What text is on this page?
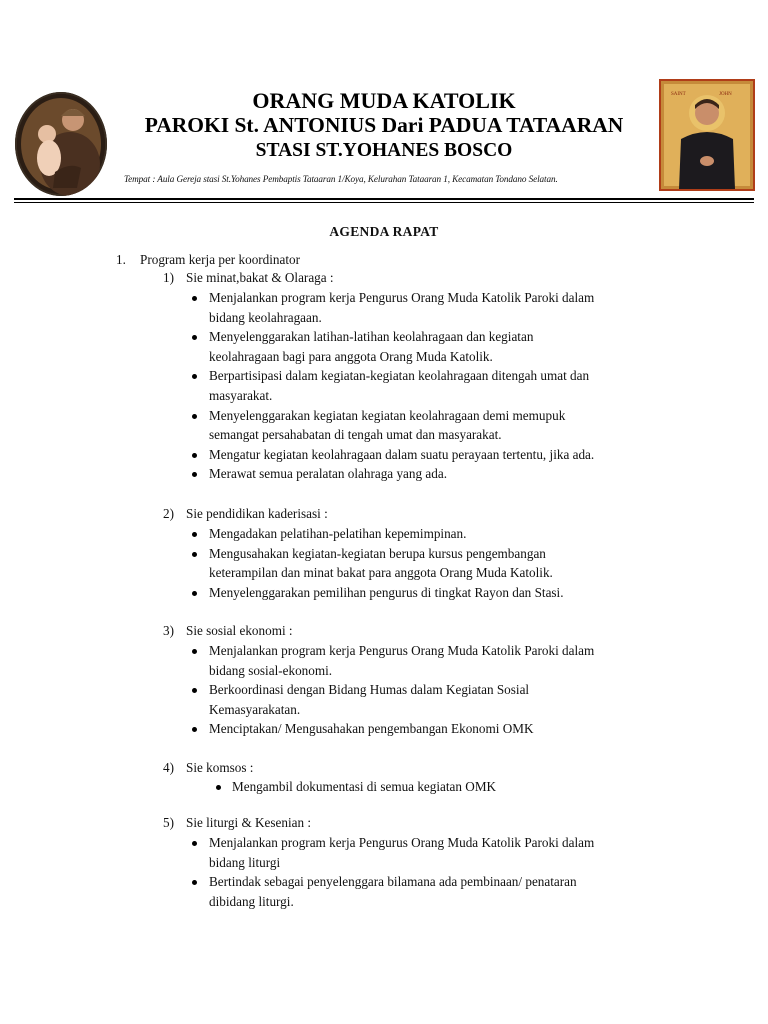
SAINT	JOHN
ORANG MUDA KATOLIK
PAROKI St. ANTONIUS Dari PADUA TATAARAN
STASI ST.YOHANES BOSCO
Tempat : Aula Gereja stasi St.Yohanes Pembaptis Tataaran 1/Koya, Kelurahan Tataaran 1, Kecamatan Tondano Selatan.
AGENDA RAPAT
1. Program kerja per koordinator
1) Sie minat,bakat & Olaraga :
Menjalankan program kerja Pengurus Orang Muda Katolik Paroki dalam
bidang keolahragaan.
Menyelenggarakan latihan-latihan keolahragaan dan kegiatan
keolahragaan bagi para anggota Orang Muda Katolik.
Berpartisipasi dalam kegiatan-kegiatan keolahragaan ditengah umat dan
masyarakat.
Menyelenggarakan kegiatan kegiatan keolahragaan demi memupuk
semangat persahabatan di tengah umat dan masyarakat.
Mengatur kegiatan keolahragaan dalam suatu perayaan tertentu, jika ada.
Merawat semua peralatan olahraga yang ada.
2) Sie pendidikan kaderisasi :
Mengadakan pelatihan-pelatihan kepemimpinan.
Mengusahakan kegiatan-kegiatan berupa kursus pengembangan
keterampilan dan minat bakat para anggota Orang Muda Katolik.
Menyelenggarakan pemilihan pengurus di tingkat Rayon dan Stasi.
3) Sie sosial ekonomi :
Menjalankan program kerja Pengurus Orang Muda Katolik Paroki dalam
bidang sosial-ekonomi.
Berkoordinasi dengan Bidang Humas dalam Kegiatan Sosial
Kemasyarakatan.
Menciptakan/ Mengusahakan pengembangan Ekonomi OMK
4) Sie komsos :
Mengambil dokumentasi di semua kegiatan OMK
5) Sie liturgi & Kesenian :
Menjalankan program kerja Pengurus Orang Muda Katolik Paroki dalam
bidang liturgi
Bertindak sebagai penyelenggara bilamana ada pembinaan/ penataran
dibidang liturgi.
